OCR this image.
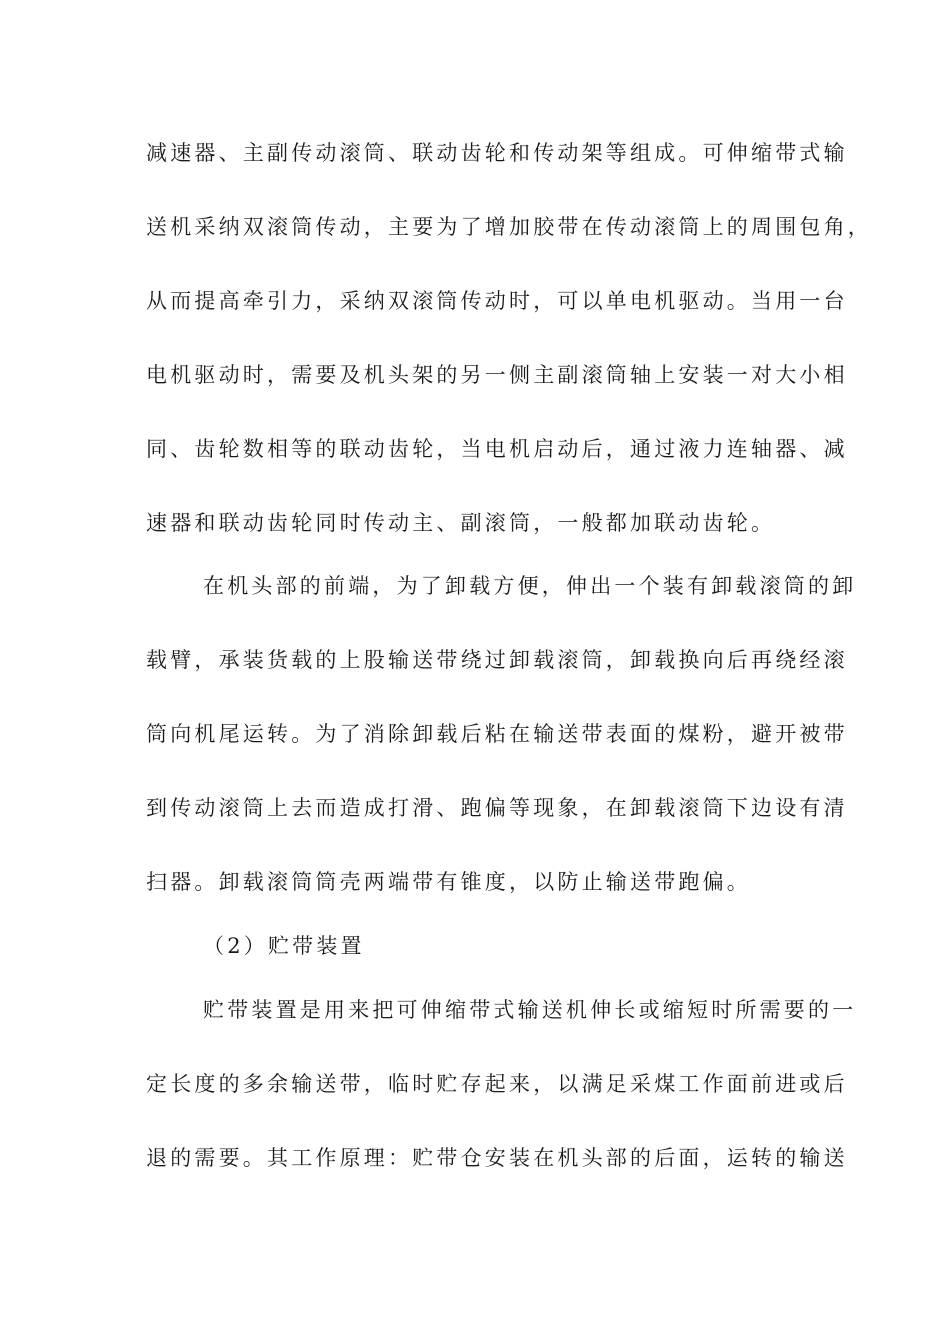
减速器、主副传动滚筒、联动齿轮和传动架等组成。可伸缩带式输
送机采纳双滚筒传动，主要为了增加胶带在传动滚筒上的周围包角，
从而提高牵引力，采纳双滚筒传动时，可以单电机驱动。当用一台
电机驱动时，需要及机头架的另一侧主副滚筒轴上安装一对大小相
同、齿轮数相等的联动齿轮，当电机启动后，通过液力连轴器、减
速器和联动齿轮同时传动主、副滚筒，一般都加联动齿轮。
在机头部的前端，为了卸载方便，伸出一个装有卸载滚筒的卸
载臂，承装货载的上股输送带绕过卸载滚筒，卸载换向后再绕经滚
筒向机尾运转。为了消除卸载后粘在输送带表面的煤粉，避开被带
到传动滚筒上去而造成打滑、跑偏等现象，在卸载滚筒下边设有清
扫器。卸载滚筒筒壳两端带有锥度，以防止输送带跑偏。
（2）贮带装置
贮带装置是用来把可伸缩带式输送机伸长或缩短时所需要的一
定长度的多余输送带，临时贮存起来，以满足采煤工作面前进或后
退的需要。其工作原理：贮带仓安装在机头部的后面，运转的输送
